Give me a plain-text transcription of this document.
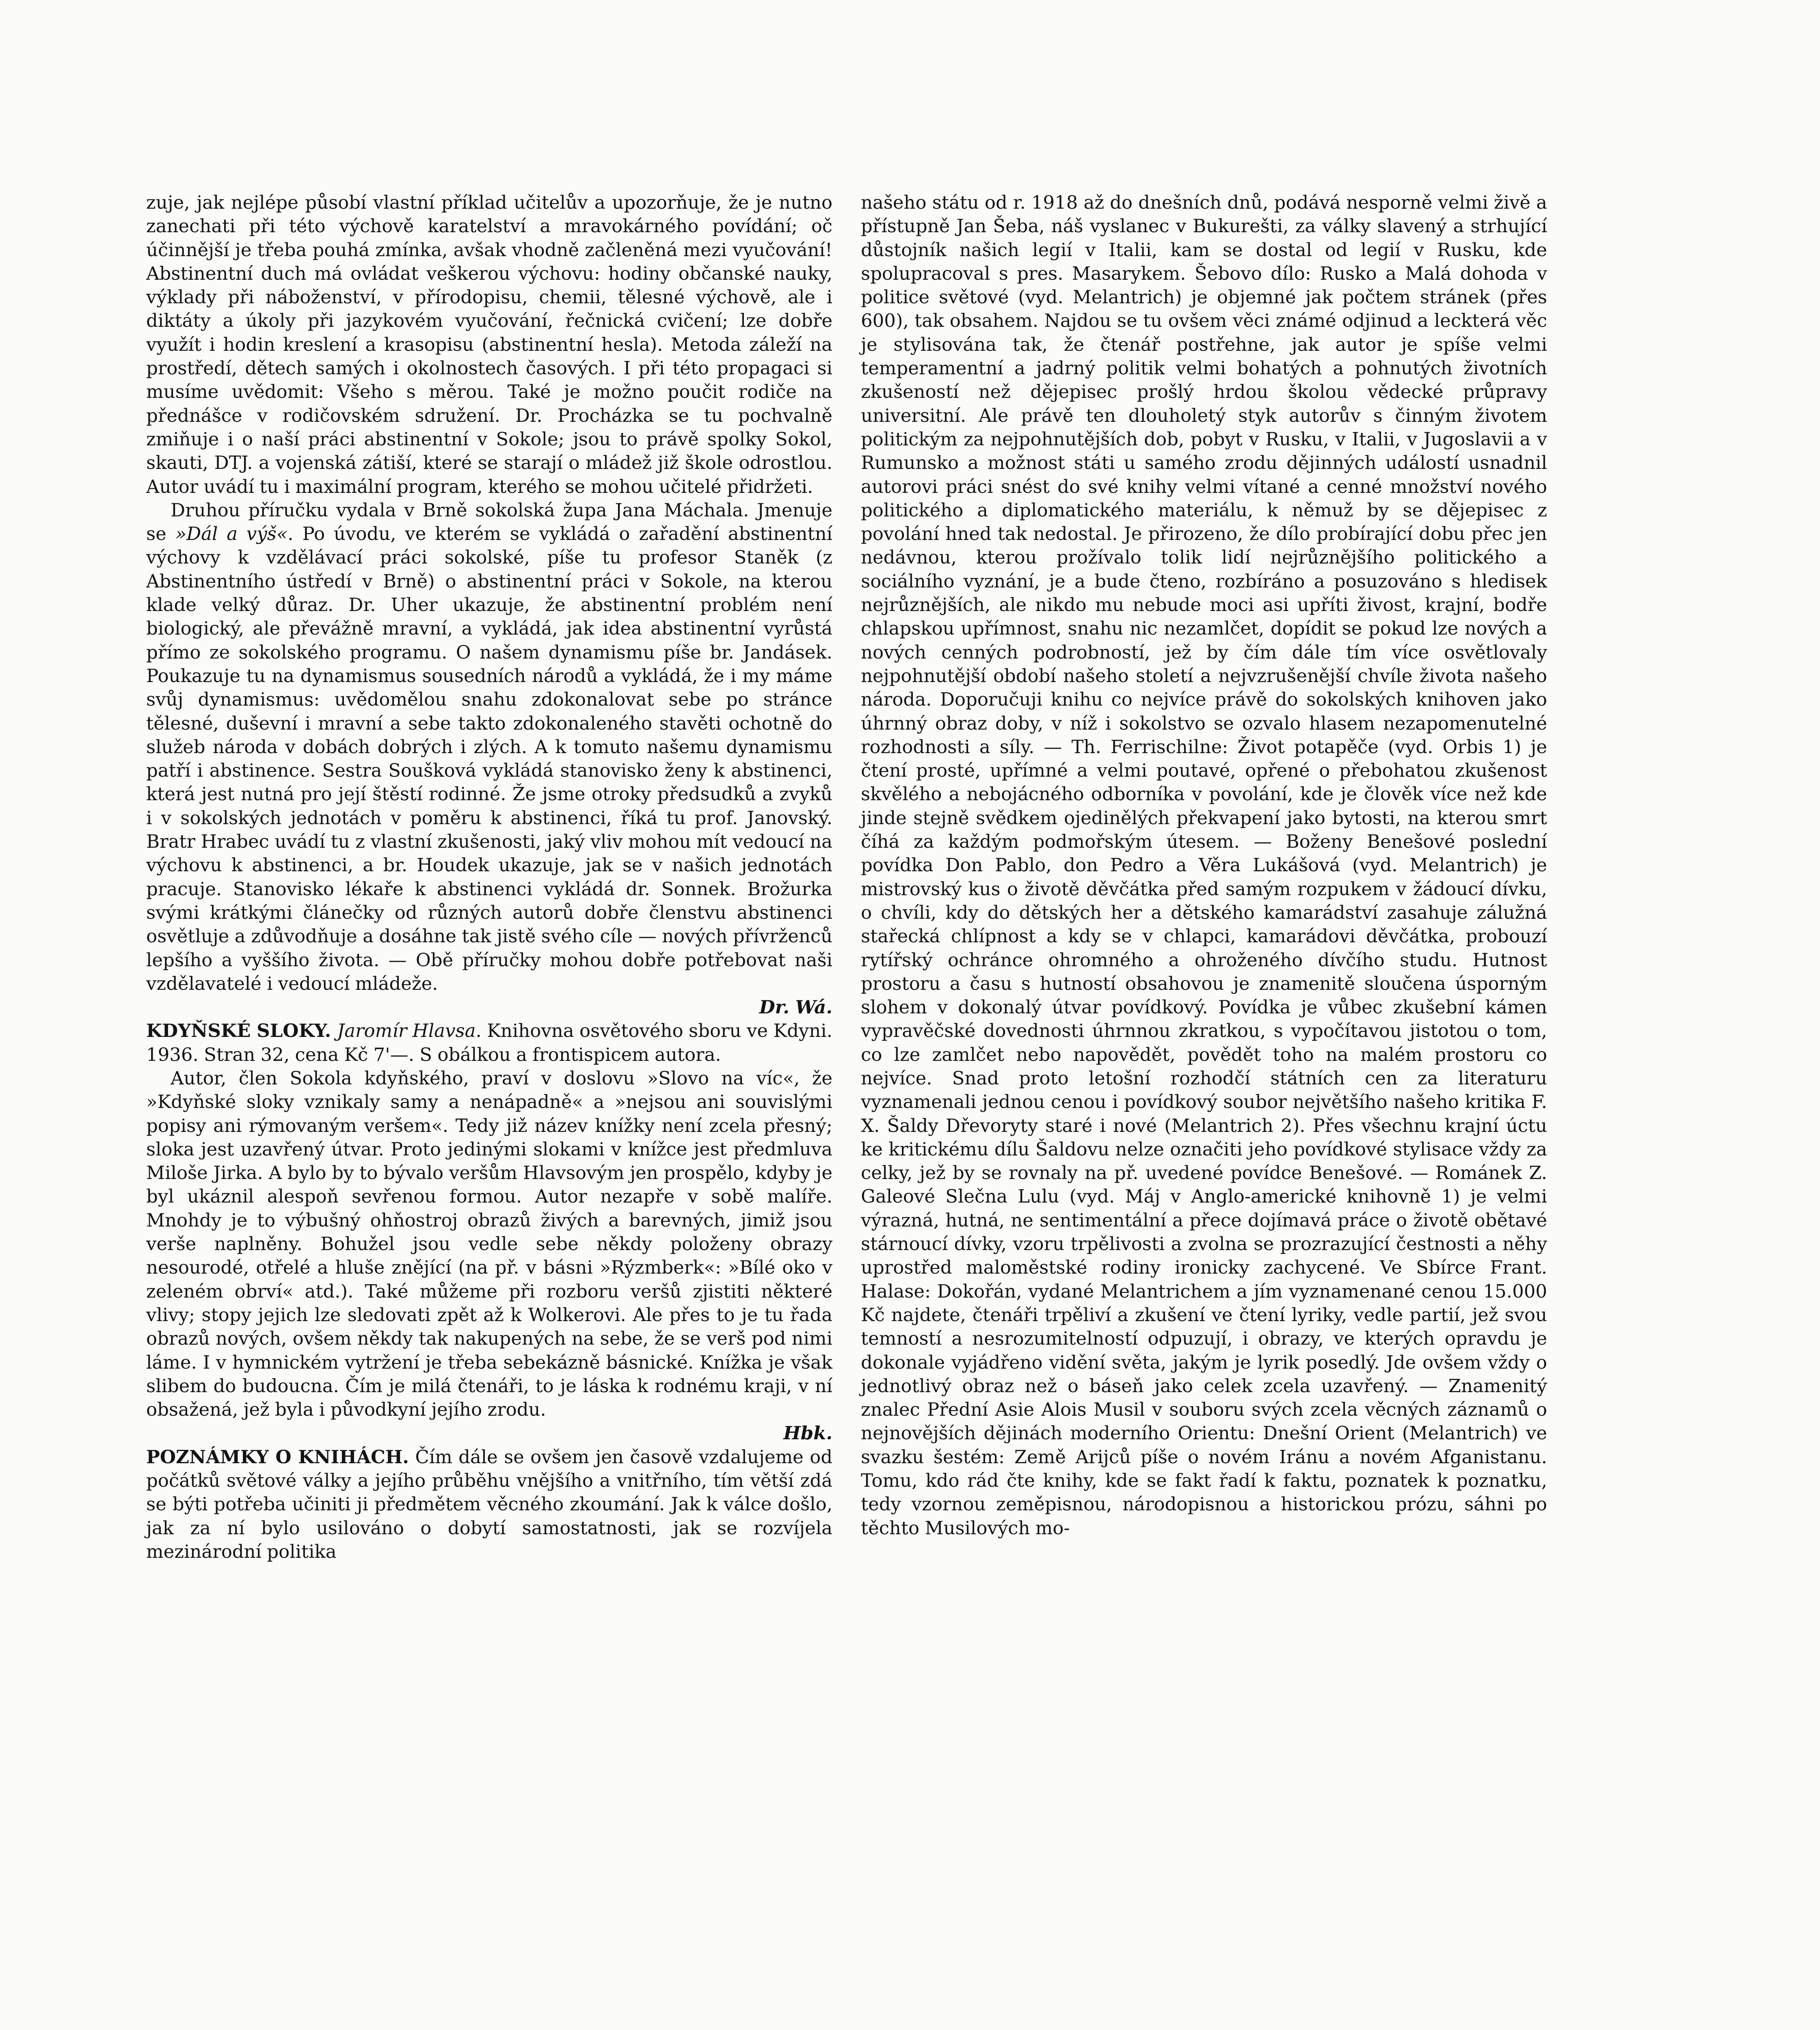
zuje, jak nejlépe působí vlastní příklad učitelův a upozorňuje, že je nutno zanechati při této výchově karatelství a mravokárného povídání; oč účinnější je třeba pouhá zmínka, avšak vhodně začleněná mezi vyučování! Abstinentní duch má ovládat veškerou výchovu: hodiny občanské nauky, výklady při náboženství, v přírodopisu, chemii, tělesné výchově, ale i diktáty a úkoly při jazykovém vyučování, řečnická cvičení; lze dobře využít i hodin kreslení a krasopisu (abstinentní hesla). Metoda záleží na prostředí, dětech samých i okolnostech časových. I při této propagaci si musíme uvědomit: Všeho s měrou. Také je možno poučit rodiče na přednášce v rodičovském sdružení. Dr. Procházka se tu pochvalně zmiňuje i o naší práci abstinentní v Sokole; jsou to právě spolky Sokol, skauti, DTJ. a vojenská zátiší, které se starají o mládež již škole odrostlou. Autor uvádí tu i maximální program, kterého se mohou učitelé přidržeti.

Druhou příručku vydala v Brně sokolská župa Jana Máchala. Jmenuje se »Dál a výš«. Po úvodu, ve kterém se vykládá o zařadění abstinentní výchovy k vzdělávací práci sokolské, píše tu profesor Staněk (z Abstinentního ústředí v Brně) o abstinentní práci v Sokole, na kterou klade velký důraz. Dr. Uher ukazuje, že abstinentní problém není biologický, ale převážně mravní, a vykládá, jak idea abstinentní vyrůstá přímo ze sokolského programu. O našem dynamismu píše br. Jandásek. Poukazuje tu na dynamismus sousedních národů a vykládá, že i my máme svůj dynamismus: uvědomělou snahu zdokonalovat sebe po stránce tělesné, duševní i mravní a sebe takto zdokonaleného stavěti ochotně do služeb národa v dobách dobrých i zlých. A k tomuto našemu dynamismu patří i abstinence. Sestra Soušková vykládá stanovisko ženy k abstinenci, která jest nutná pro její štěstí rodinné. Že jsme otroky předsudků a zvyků i v sokolských jednotách v poměru k abstinenci, říká tu prof. Janovský. Bratr Hrabec uvádí tu z vlastní zkušenosti, jaký vliv mohou mít vedoucí na výchovu k abstinenci, a br. Houdek ukazuje, jak se v našich jednotách pracuje. Stanovisko lékaře k abstinenci vykládá dr. Sonnek. Brožurka svými krátkými článečky od různých autorů dobře členstvu abstinenci osvětluje a zdůvodňuje a dosáhne tak jistě svého cíle — nových přívrženců lepšího a vyššího života. — Obě příručky mohou dobře potřebovat naši vzdělavatelé i vedoucí mládeže.

Dr. Wá.

KDYŇSKÉ SLOKY. Jaromír Hlavsa. Knihovna osvětového sboru ve Kdyni. 1936. Stran 32, cena Kč 7'—. S obálkou a frontispicem autora.

Autor, člen Sokola kdyňského, praví v doslovu »Slovo na víc«, že »Kdyňské sloky vznikaly samy a nenápadně« a »nejsou ani souvislými popisy ani rýmovaným veršem«. Tedy již název knížky není zcela přesný; sloka jest uzavřený útvar. Proto jedinými slokami v knížce jest předmluva Miloše Jirka. A bylo by to bývalo veršům Hlavsovým jen prospělo, kdyby je byl ukáznil alespoň sevřenou formou. Autor nezapře v sobě malíře. Mnohdy je to výbušný ohňostroj obrazů živých a barevných, jimiž jsou verše naplněny. Bohužel jsou vedle sebe někdy položeny obrazy nesourodé, otřelé a hluše znějící (na př. v básni »Rýzmberk«: »Bílé oko v zeleném obrví« atd.). Také můžeme při rozboru veršů zjistiti některé vlivy; stopy jejich lze sledovati zpět až k Wolkerovi. Ale přes to je tu řada obrazů nových, ovšem někdy tak nakupených na sebe, že se verš pod nimi láme. I v hymnickém vytržení je třeba sebekázně básnické. Knížka je však slibem do budoucna. Čím je milá čtenáři, to je láska k rodnému kraji, v ní obsažená, jež byla i původkyní jejího zrodu.

Hbk.

POZNÁMKY O KNIHÁCH. Čím dále se ovšem jen časově vzdalujeme od počátků světové války a jejího průběhu vnějšího a vnitřního, tím větší zdá se býti potřeba učiniti ji předmětem věcného zkoumání. Jak k válce došlo, jak za ní bylo usilováno o dobytí samostatnosti, jak se rozvíjela mezinárodní politika

našeho státu od r. 1918 až do dnešních dnů, podává nesporně velmi živě a přístupně Jan Šeba, náš vyslanec v Bukurešti, za války slavený a strhující důstojník našich legií v Italii, kam se dostal od legií v Rusku, kde spolupracoval s pres. Masarykem. Šebovo dílo: Rusko a Malá dohoda v politice světové (vyd. Melantrich) je objemné jak počtem stránek (přes 600), tak obsahem. Najdou se tu ovšem věci známé odjinud a leckterá věc je stylisována tak, že čtenář postřehne, jak autor je spíše velmi temperamentní a jadrný politik velmi bohatých a pohnutých životních zkušeností než dějepisec prošlý hrdou školou vědecké průpravy universitní. Ale právě ten dlouholetý styk autorův s činným životem politickým za nejpohnutějších dob, pobyt v Rusku, v Italii, v Jugoslavii a v Rumunsko a možnost státi u samého zrodu dějinných událostí usnadnil autorovi práci snést do své knihy velmi vítané a cenné množství nového politického a diplomatického materiálu, k němuž by se dějepisec z povolání hned tak nedostal. Je přirozeno, že dílo probírající dobu přec jen nedávnou, kterou prožívalo tolik lidí nejrůznějšího politického a sociálního vyznání, je a bude čteno, rozbíráno a posuzováno s hledisek nejrůznějších, ale nikdo mu nebude moci asi upříti živost, krajní, bodře chlapskou upřímnost, snahu nic nezamlčet, dopídit se pokud lze nových a nových cenných podrobností, jež by čím dále tím více osvětlovaly nejpohnutější období našeho století a nejvzrušenější chvíle života našeho národa. Doporučuji knihu co nejvíce právě do sokolských knihoven jako úhrnný obraz doby, v níž i sokolstvo se ozvalo hlasem nezapomenutelné rozhodnosti a síly. — Th. Ferrischilne: Život potapěče (vyd. Orbis 1) je čtení prosté, upřímné a velmi poutavé, opřené o přebohatou zkušenost skvělého a nebojácného odborníka v povolání, kde je člověk více než kde jinde stejně svědkem ojedinělých překvapení jako bytosti, na kterou smrt číhá za každým podmořským útesem. — Boženy Benešové poslední povídka Don Pablo, don Pedro a Věra Lukášová (vyd. Melantrich) je mistrovský kus o životě děvčátka před samým rozpukem v žádoucí dívku, o chvíli, kdy do dětských her a dětského kamarádství zasahuje zálužná stařecká chlípnost a kdy se v chlapci, kamarádovi děvčátka, probouzí rytířský ochránce ohromného a ohroženého dívčího studu. Hutnost prostoru a času s hutností obsahovou je znamenitě sloučena úsporným slohem v dokonalý útvar povídkový. Povídka je vůbec zkušební kámen vypravěčské dovednosti úhrnnou zkratkou, s vypočítavou jistotou o tom, co lze zamlčet nebo napovědět, povědět toho na malém prostoru co nejvíce. Snad proto letošní rozhodčí státních cen za literaturu vyznamenali jednou cenou i povídkový soubor největšího našeho kritika F. X. Šaldy Dřevoryty staré i nové (Melantrich 2). Přes všechnu krajní úctu ke kritickému dílu Šaldovu nelze označiti jeho povídkové stylisace vždy za celky, jež by se rovnaly na př. uvedené povídce Benešové. — Románek Z. Galeové Slečna Lulu (vyd. Máj v Anglo-americké knihovně 1) je velmi výrazná, hutná, ne sentimentální a přece dojímavá práce o životě obětavé stárnoucí dívky, vzoru trpělivosti a zvolna se prozrazující čestnosti a něhy uprostřed maloměstské rodiny ironicky zachycené. Ve Sbírce Frant. Halase: Dokořán, vydané Melantrichem a jím vyznamenané cenou 15.000 Kč najdete, čtenáři trpěliví a zkušení ve čtení lyriky, vedle partií, jež svou temností a nesrozumitelností odpuzují, i obrazy, ve kterých opravdu je dokonale vyjádřeno vidění světa, jakým je lyrik posedlý. Jde ovšem vždy o jednotlivý obraz než o báseň jako celek zcela uzavřený. — Znamenitý znalec Přední Asie Alois Musil v souboru svých zcela věcných záznamů o nejnovějších dějinách moderního Orientu: Dnešní Orient (Melantrich) ve svazku šestém: Země Arijců píše o novém Iránu a novém Afganistanu. Tomu, kdo rád čte knihy, kde se fakt řadí k faktu, poznatek k poznatku, tedy vzornou zeměpisnou, národopisnou a historickou prózu, sáhni po těchto Musilových mo-
